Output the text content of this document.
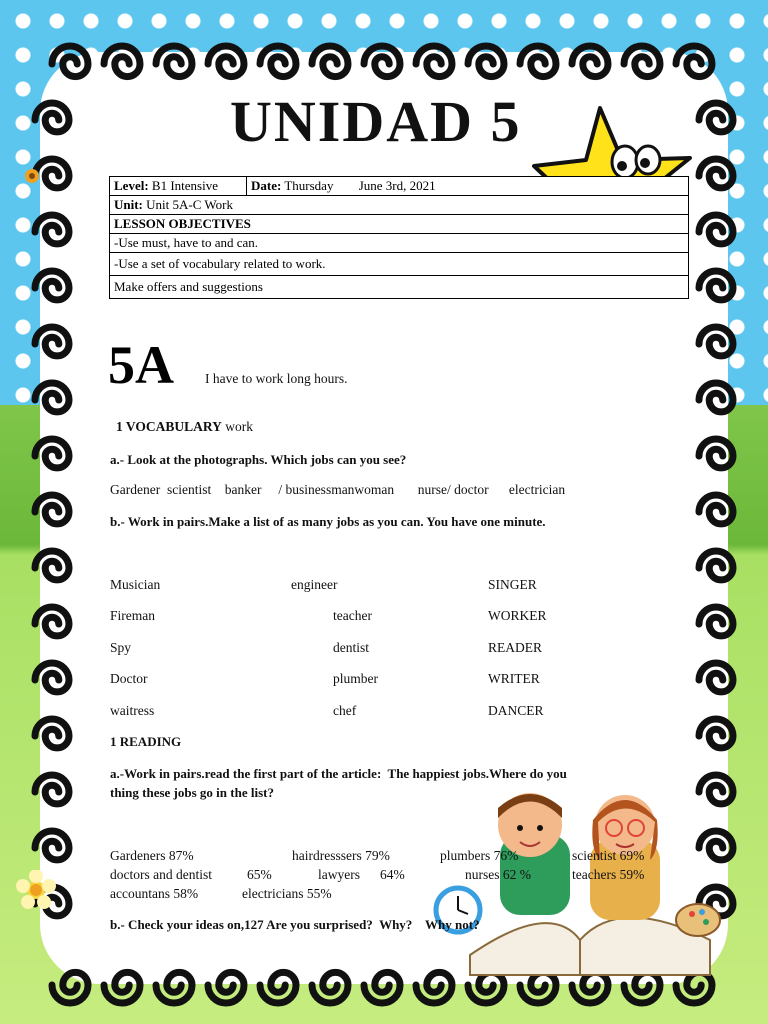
UNIDAD 5
Level: B1 Intensive	Date: Thursday June 3rd, 2021
Unit: Unit 5A-C Work
LESSON OBJECTIVES
-Use must, have to and can.
-Use a set of vocabulary related to work.
Make offers and suggestions
5A I have to work long hours.
1 VOCABULARY work
a.- Look at the photographs. Which jobs can you see?
Gardener  scientist    banker     / businessmanwoman       nurse/ doctor      electrician
b.- Work in pairs.Make a list of as many jobs as you can. You have one minute.
Musician	engineer	SINGER
Fireman	teacher	WORKER
Spy	dentist	READER
Doctor	plumber	WRITER
waitress	chef	DANCER
1 READING
a.-Work in pairs.read the first part of the article:  The happiest jobs.Where do you
thing these jobs go in the list?
Gardeners 87%	hairdresssers 79%	plumbers 76%	scientist 69%
doctors and dentist	65%	lawyers 64%	nurses 62 %	teachers 59%
accountans 58%	electricians 55%
b.- Check your ideas on,127 Are you surprised?  Why?    Why not?
